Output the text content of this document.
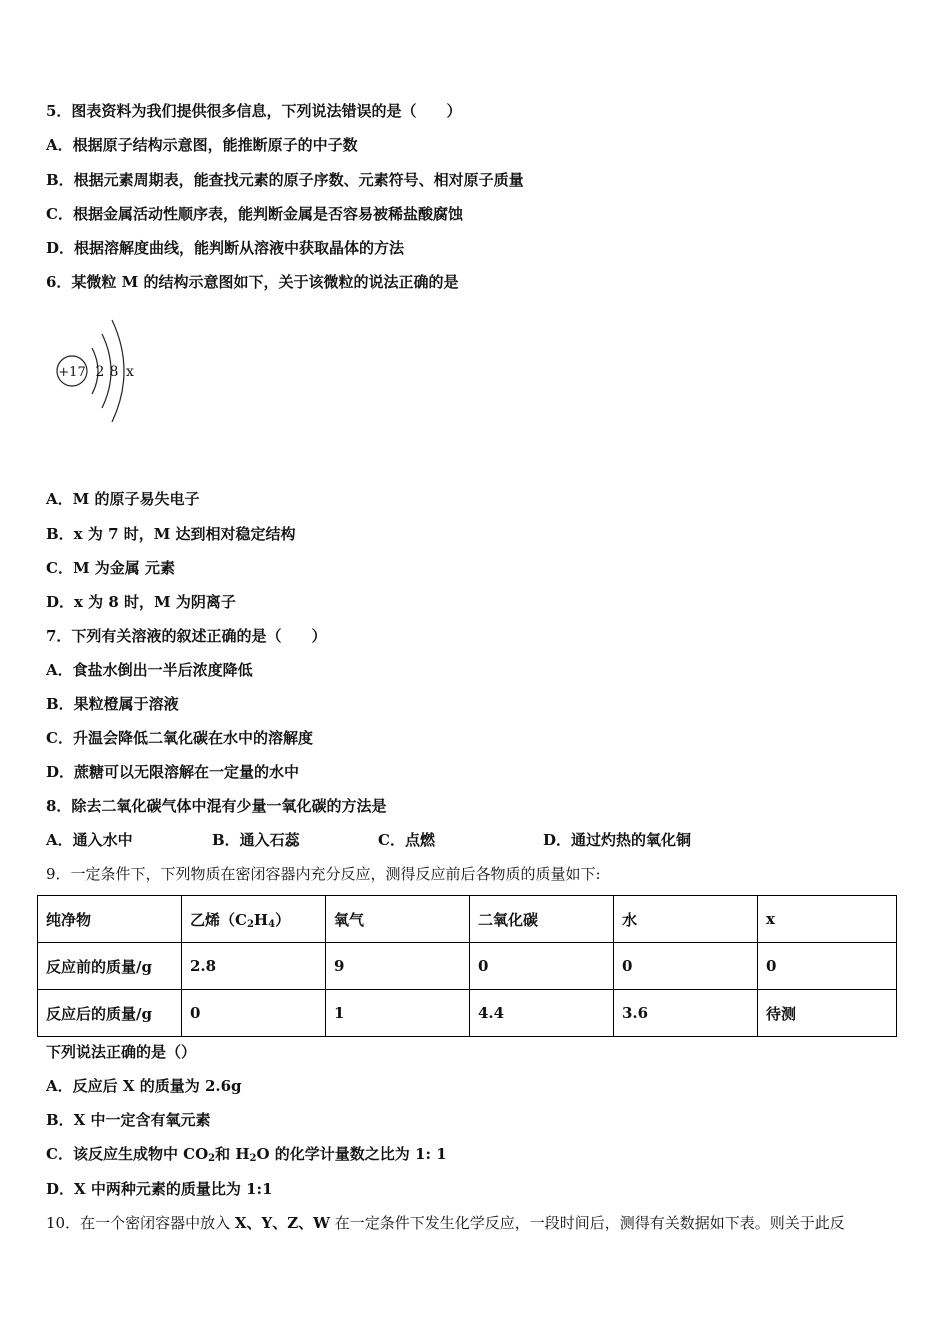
5．图表资料为我们提供很多信息，下列说法错误的是（　　）
A．根据原子结构示意图，能推断原子的中子数
B．根据元素周期表，能查找元素的原子序数、元素符号、相对原子质量
C．根据金属活动性顺序表，能判断金属是否容易被稀盐酸腐蚀
D．根据溶解度曲线，能判断从溶液中获取晶体的方法
6．某微粒 M 的结构示意图如下，关于该微粒的说法正确的是
+17 2 8 x
A．M 的原子易失电子
B．x 为 7 时，M 达到相对稳定结构
C．M 为金属 元素
D．x 为 8 时，M 为阴离子
7．下列有关溶液的叙述正确的是（　　）
A．食盐水倒出一半后浓度降低
B．果粒橙属于溶液
C．升温会降低二氧化碳在水中的溶解度
D．蔗糖可以无限溶解在一定量的水中
8．除去二氧化碳气体中混有少量一氧化碳的方法是
A．通入水中	B．通入石蕊	C．点燃	D．通过灼热的氧化铜
9．一定条件下，下列物质在密闭容器内充分反应，测得反应前后各物质的质量如下:
纯净物	乙烯$(C_2H_4)$	氧气	二氧化碳	水	x
反应前的质量/g	2.8	9	0	0	0
反应后的质量/g	0	1	4.4	3.6	待测
下列说法正确的是（）
A．反应后 X 的质量为 2.6g
B．X 中一定含有氧元素
C．该反应生成物中 $CO_2$和 $H_2O$ 的化学计量数之比为 1: 1
D．X 中两种元素的质量比为 1:1
10．在一个密闭容器中放入 X、Y、Z、W 在一定条件下发生化学反应，一段时间后，测得有关数据如下表。则关于此反
